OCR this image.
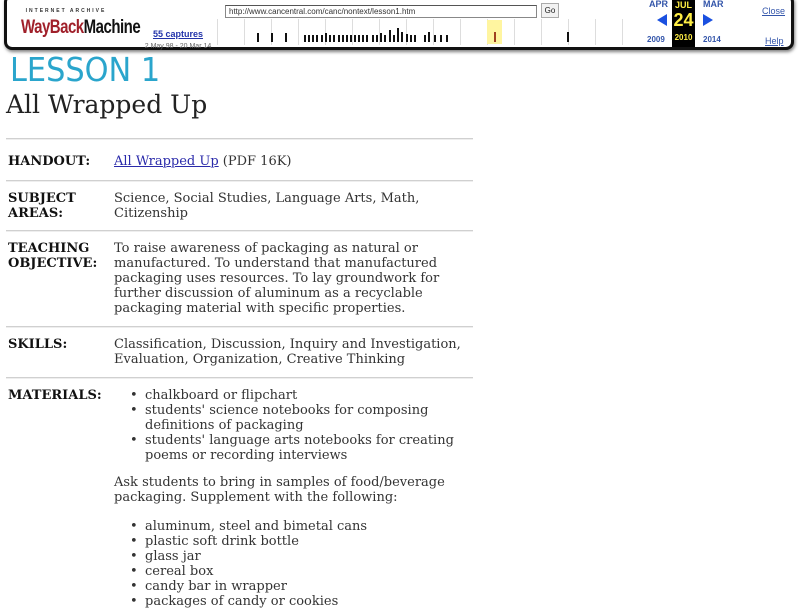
INTERNET ARCHIVE
WayBackMachine	55 captures
2 May 98 - 20 Mar 14
http://www.cancentral.com/canc/nontext/lesson1.htm	Go
APR
2009
JUL
24
2010
MAR
2014
Close
Help
LESSON 1
All Wrapped Up
HANDOUT:	All Wrapped Up (PDF 16K)
SUBJECT
AREAS:
Science, Social Studies, Language Arts, Math, Citizenship
TEACHING
OBJECTIVE:
To raise awareness of packaging as natural or manufactured. To understand that manufactured packaging uses resources. To lay groundwork for further discussion of aluminum as a recyclable packaging material with specific properties.
SKILLS:	Classification, Discussion, Inquiry and Investigation, Evaluation, Organization, Creative Thinking
MATERIALS:	• chalkboard or flipchart
• students' science notebooks for composing definitions of packaging
• students' language arts notebooks for creating poems or recording interviews

Ask students to bring in samples of food/beverage packaging. Supplement with the following:

• aluminum, steel and bimetal cans
• plastic soft drink bottle
• glass jar
• cereal box
• candy bar in wrapper
• packages of candy or cookies
